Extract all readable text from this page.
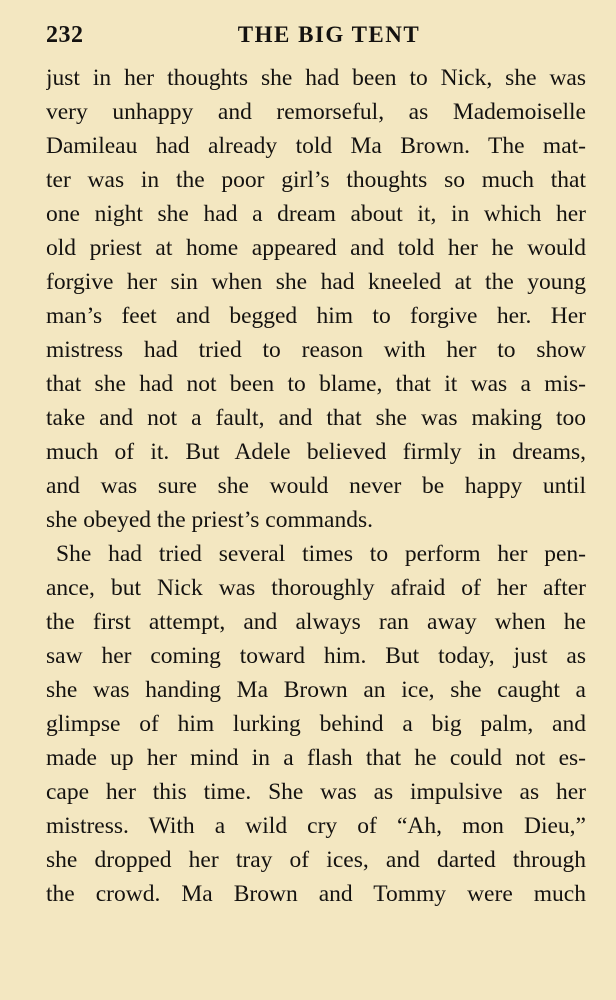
232	THE BIG TENT
just in her thoughts she had been to Nick, she was
very unhappy and remorseful, as Mademoiselle
Damileau had already told Ma Brown. The mat-
ter was in the poor girl’s thoughts so much that
one night she had a dream about it, in which her
old priest at home appeared and told her he would
forgive her sin when she had kneeled at the young
man’s feet and begged him to forgive her. Her
mistress had tried to reason with her to show
that she had not been to blame, that it was a mis-
take and not a fault, and that she was making too
much of it. But Adele believed firmly in dreams,
and was sure she would never be happy until
she obeyed the priest’s commands.
She had tried several times to perform her pen-
ance, but Nick was thoroughly afraid of her after
the first attempt, and always ran away when he
saw her coming toward him. But today, just as
she was handing Ma Brown an ice, she caught a
glimpse of him lurking behind a big palm, and
made up her mind in a flash that he could not es-
cape her this time. She was as impulsive as her
mistress. With a wild cry of “Ah, mon Dieu,”
she dropped her tray of ices, and darted through
the crowd. Ma Brown and Tommy were much
